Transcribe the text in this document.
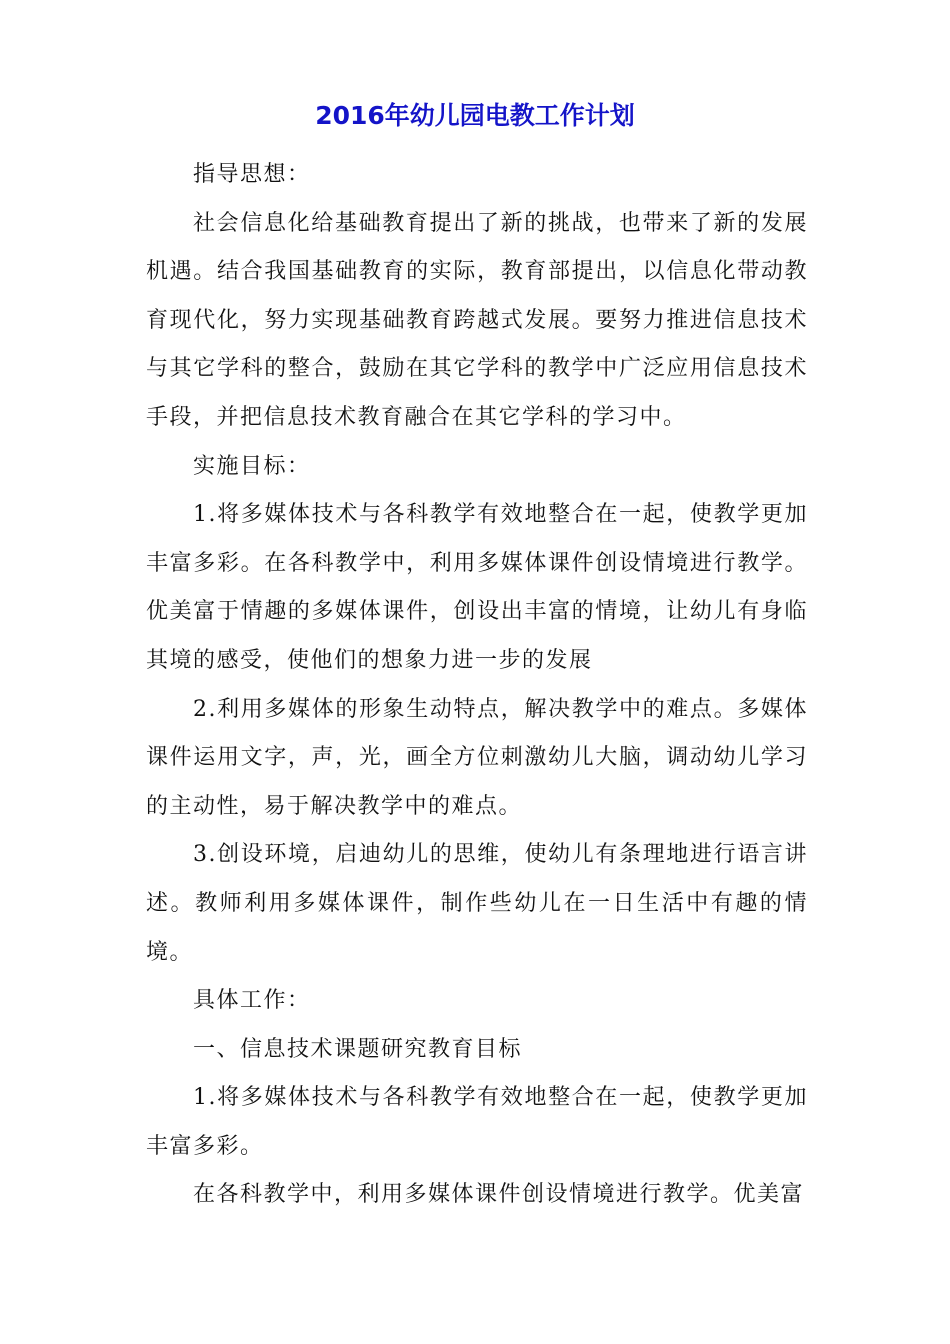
2016年幼儿园电教工作计划

指导思想：

社会信息化给基础教育提出了新的挑战，也带来了新的发展机遇。结合我国基础教育的实际，教育部提出，以信息化带动教育现代化，努力实现基础教育跨越式发展。要努力推进信息技术与其它学科的整合，鼓励在其它学科的教学中广泛应用信息技术手段，并把信息技术教育融合在其它学科的学习中。

实施目标：

1.将多媒体技术与各科教学有效地整合在一起，使教学更加丰富多彩。在各科教学中，利用多媒体课件创设情境进行教学。优美富于情趣的多媒体课件，创设出丰富的情境，让幼儿有身临其境的感受，使他们的想象力进一步的发展

2.利用多媒体的形象生动特点，解决教学中的难点。多媒体课件运用文字，声，光，画全方位刺激幼儿大脑，调动幼儿学习的主动性，易于解决教学中的难点。

3.创设环境，启迪幼儿的思维，使幼儿有条理地进行语言讲述。教师利用多媒体课件，制作些幼儿在一日生活中有趣的情境。

具体工作：

一、信息技术课题研究教育目标

1.将多媒体技术与各科教学有效地整合在一起，使教学更加丰富多彩。

在各科教学中，利用多媒体课件创设情境进行教学。优美富
